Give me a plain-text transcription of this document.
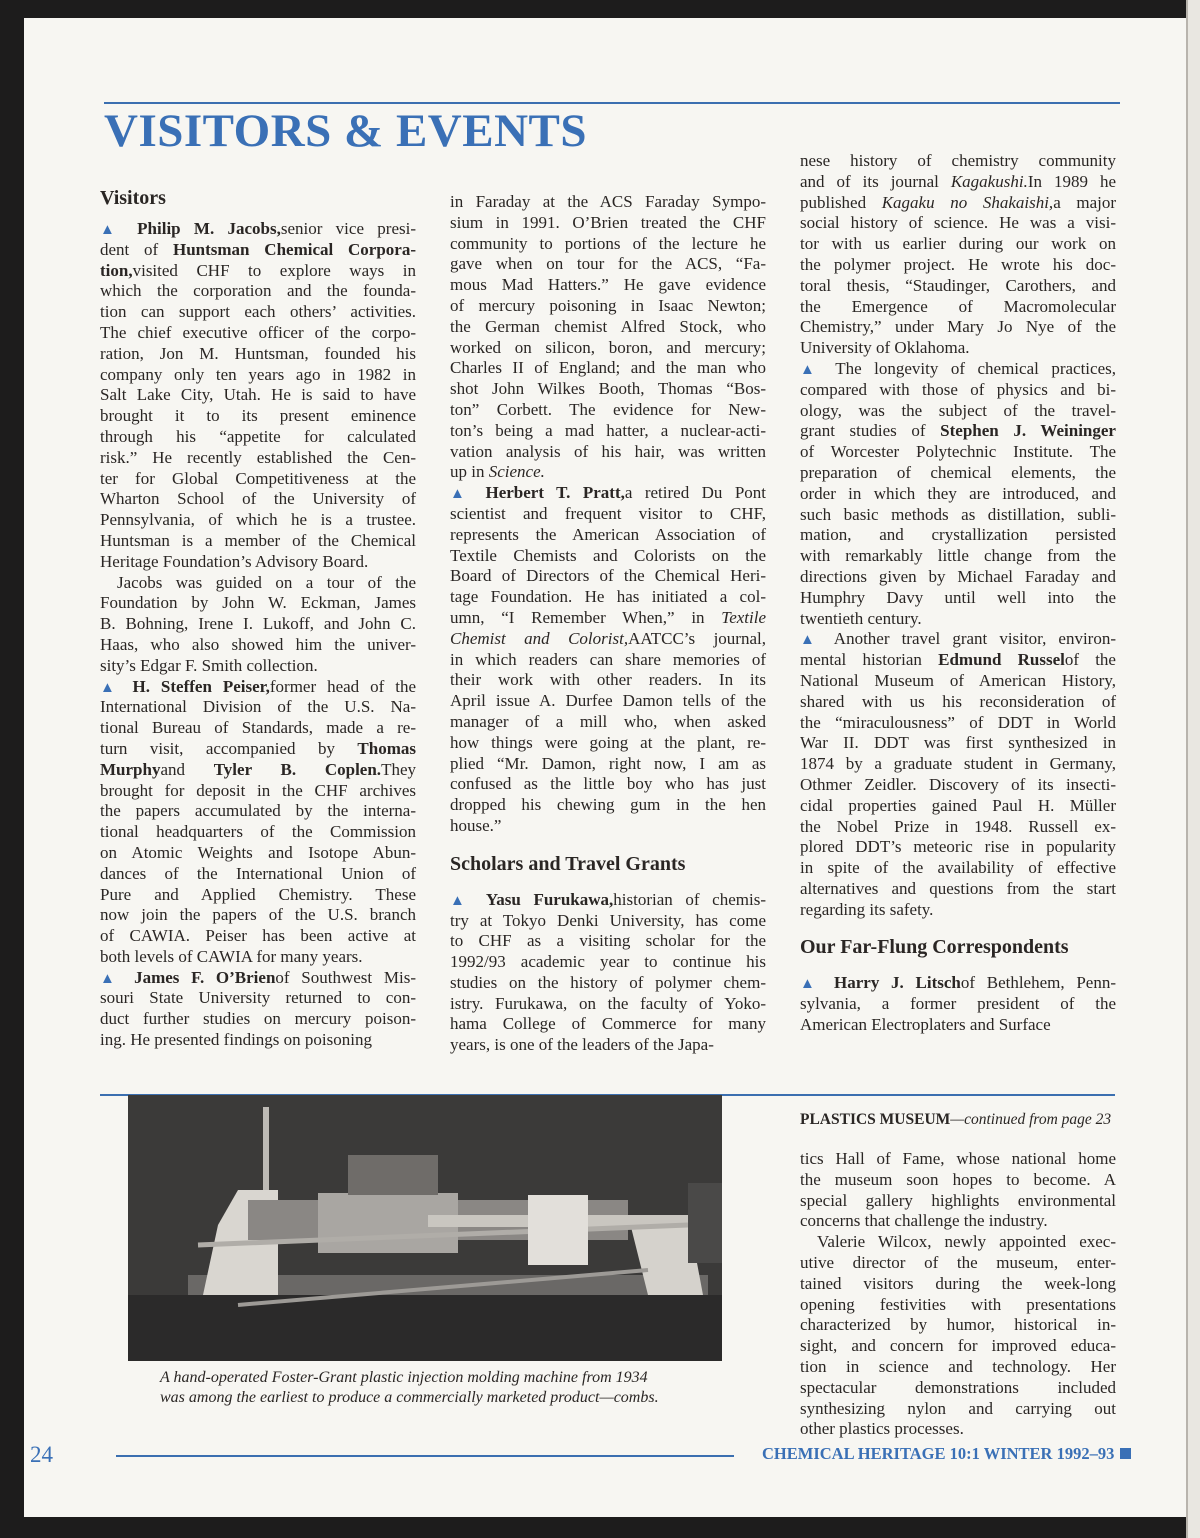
VISITORS & EVENTS
Visitors
▲ Philip M. Jacobs,senior vice presi-
dent of Huntsman Chemical Corpora-
tion,visited CHF to explore ways in
which the corporation and the founda-
tion can support each others’ activities.
The chief executive officer of the corpo-
ration, Jon M. Huntsman, founded his
company only ten years ago in 1982 in
Salt Lake City, Utah. He is said to have
brought it to its present eminence
through his “appetite for calculated
risk.” He recently established the Cen-
ter for Global Competitiveness at the
Wharton School of the University of
Pennsylvania, of which he is a trustee.
Huntsman is a member of the Chemical
Heritage Foundation’s Advisory Board.
Jacobs was guided on a tour of the
Foundation by John W. Eckman, James
B. Bohning, Irene I. Lukoff, and John C.
Haas, who also showed him the univer-
sity’s Edgar F. Smith collection.
▲ H. Steffen Peiser,former head of the
International Division of the U.S. Na-
tional Bureau of Standards, made a re-
turn visit, accompanied by Thomas
Murphyand Tyler B. Coplen.They
brought for deposit in the CHF archives
the papers accumulated by the interna-
tional headquarters of the Commission
on Atomic Weights and Isotope Abun-
dances of the International Union of
Pure and Applied Chemistry. These
now join the papers of the U.S. branch
of CAWIA. Peiser has been active at
both levels of CAWIA for many years.
▲ James F. O’Brienof Southwest Mis-
souri State University returned to con-
duct further studies on mercury poison-
ing. He presented findings on poisoning
in Faraday at the ACS Faraday Sympo-
sium in 1991. O’Brien treated the CHF
community to portions of the lecture he
gave when on tour for the ACS, “Fa-
mous Mad Hatters.” He gave evidence
of mercury poisoning in Isaac Newton;
the German chemist Alfred Stock, who
worked on silicon, boron, and mercury;
Charles II of England; and the man who
shot John Wilkes Booth, Thomas “Bos-
ton” Corbett. The evidence for New-
ton’s being a mad hatter, a nuclear-acti-
vation analysis of his hair, was written
up in Science.
▲ Herbert T. Pratt,a retired Du Pont
scientist and frequent visitor to CHF,
represents the American Association of
Textile Chemists and Colorists on the
Board of Directors of the Chemical Heri-
tage Foundation. He has initiated a col-
umn, “I Remember When,” in Textile
Chemist and Colorist,AATCC’s journal,
in which readers can share memories of
their work with other readers. In its
April issue A. Durfee Damon tells of the
manager of a mill who, when asked
how things were going at the plant, re-
plied “Mr. Damon, right now, I am as
confused as the little boy who has just
dropped his chewing gum in the hen
house.”
Scholars and Travel Grants
▲ Yasu Furukawa,historian of chemis-
try at Tokyo Denki University, has come
to CHF as a visiting scholar for the
1992/93 academic year to continue his
studies on the history of polymer chem-
istry. Furukawa, on the faculty of Yoko-
hama College of Commerce for many
years, is one of the leaders of the Japa-
nese history of chemistry community
and of its journal Kagakushi.In 1989 he
published Kagaku no Shakaishi,a major
social history of science. He was a visi-
tor with us earlier during our work on
the polymer project. He wrote his doc-
toral thesis, “Staudinger, Carothers, and
the Emergence of Macromolecular
Chemistry,” under Mary Jo Nye of the
University of Oklahoma.
▲ The longevity of chemical practices,
compared with those of physics and bi-
ology, was the subject of the travel-
grant studies of Stephen J. Weininger
of Worcester Polytechnic Institute. The
preparation of chemical elements, the
order in which they are introduced, and
such basic methods as distillation, subli-
mation, and crystallization persisted
with remarkably little change from the
directions given by Michael Faraday and
Humphry Davy until well into the
twentieth century.
▲ Another travel grant visitor, environ-
mental historian Edmund Russelof the
National Museum of American History,
shared with us his reconsideration of
the “miraculousness” of DDT in World
War II. DDT was first synthesized in
1874 by a graduate student in Germany,
Othmer Zeidler. Discovery of its insecti-
cidal properties gained Paul H. Müller
the Nobel Prize in 1948. Russell ex-
plored DDT’s meteoric rise in popularity
in spite of the availability of effective
alternatives and questions from the start
regarding its safety.
Our Far-Flung Correspondents
▲ Harry J. Litschof Bethlehem, Penn-
sylvania, a former president of the
American Electroplaters and Surface
A hand-operated Foster-Grant plastic injection molding machine from 1934
was among the earliest to produce a commercially marketed product—combs.
PLASTICS MUSEUM—continued from page 23
tics Hall of Fame, whose national home
the museum soon hopes to become. A
special gallery highlights environmental
concerns that challenge the industry.
Valerie Wilcox, newly appointed exec-
utive director of the museum, enter-
tained visitors during the week-long
opening festivities with presentations
characterized by humor, historical in-
sight, and concern for improved educa-
tion in science and technology. Her
spectacular demonstrations included
synthesizing nylon and carrying out
other plastics processes.
24	CHEMICAL HERITAGE 10:1 WINTER 1992–93
